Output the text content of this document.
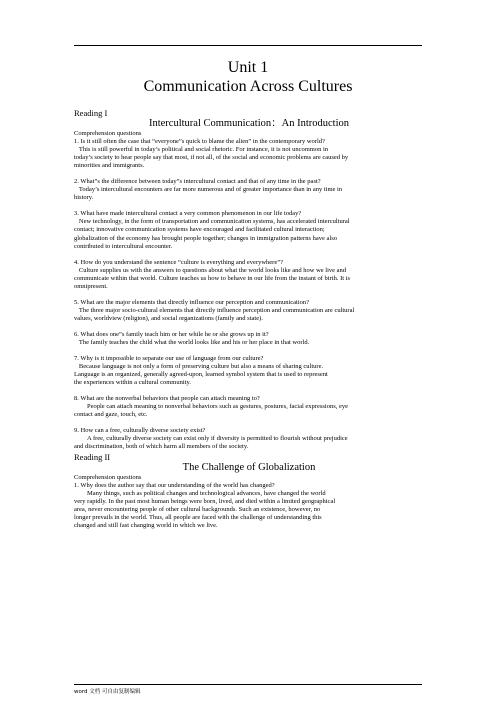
Unit 1
Communication Across Cultures
Reading I
Intercultural Communication：An Introduction
Comprehension questions
1. Is it still often the case that “everyone”s quick to blame the alien” in the contemporary world?
This is still powerful in today’s political and social rhetoric. For instance, it is not uncommon in
today’s society to hear people say that most, if not all, of the social and economic problems are caused by
minorities and immigrants.
2. What”s the difference between today”s intercultural contact and that of any time in the past?
Today’s intercultural encounters are far more numerous and of greater importance than in any time in
history.
3. What have made intercultural contact a very common phenomenon in our life today?
New technology, in the form of transportation and communication systems, has accelerated intercultural
contact; innovative communication systems have encouraged and facilitated cultural interaction;
globalization of the economy has brought people together; changes in immigration patterns have also
contributed to intercultural encounter.
4. How do you understand the sentence “culture is everything and everywhere”?
Culture supplies us with the answers to questions about what the world looks like and how we live and
communicate within that world. Culture teaches us how to behave in our life from the instant of birth. It is
omnipresent.
5. What are the major elements that directly influence our perception and communication?
The three major socio-cultural elements that directly influence perception and communication are cultural
values, worldview (religion), and social organizations (family and state).
6. What does one”s family teach him or her while he or she grows up in it?
The family teaches the child what the world looks like and his or her place in that world.
7. Why is it impossible to separate our use of language from our culture?
Because language is not only a form of preserving culture but also a means of sharing culture.
Language is an organized, generally agreed-upon, learned symbol system that is used to represent
the experiences within a cultural community.
8. What are the nonverbal behaviors that people can attach meaning to?
People can attach meaning to nonverbal behaviors such as gestures, postures, facial expressions, eye
contact and gaze, touch, etc.
9. How can a free, culturally diverse society exist?
A free, culturally diverse society can exist only if diversity is permitted to flourish without prejudice
and discrimination, both of which harm all members of the society.
Reading II
The Challenge of Globalization
Comprehension questions
1. Why does the author say that our understanding of the world has changed?
Many things, such as political changes and technological advances, have changed the world
very rapidly. In the past most human beings were born, lived, and died within a limited geographical
area, never encountering people of other cultural backgrounds. Such an existence, however, no
longer prevails in the world. Thus, all people are faced with the challenge of understanding this
changed and still fast changing world in which we live.
word 文档 可自由复制编辑
